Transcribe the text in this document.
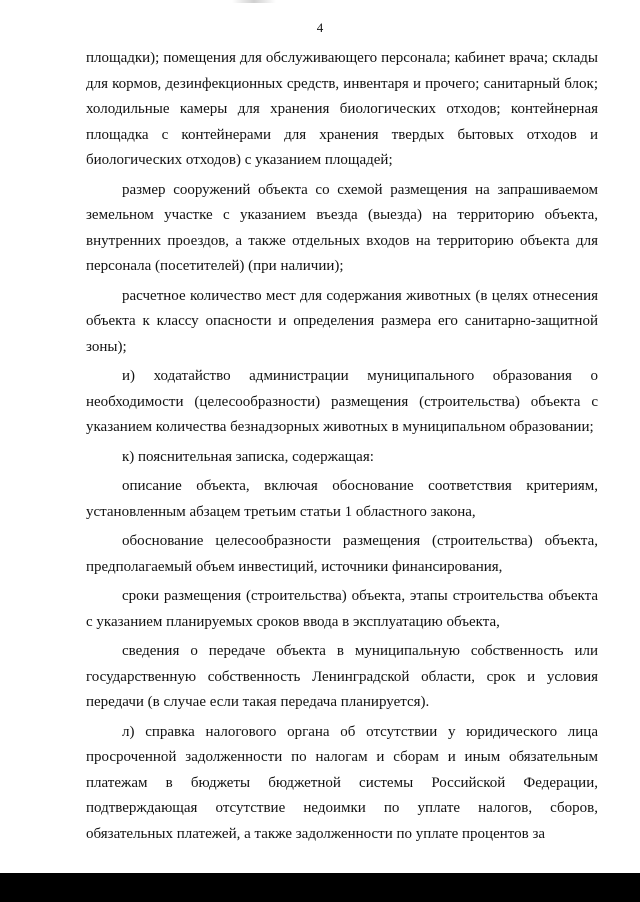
4

площадки); помещения для обслуживающего персонала; кабинет врача; склады для кормов, дезинфекционных средств, инвентаря и прочего; санитарный блок; холодильные камеры для хранения биологических отходов; контейнерная площадка с контейнерами для хранения твердых бытовых отходов и биологических отходов) с указанием площадей;

размер сооружений объекта со схемой размещения на запрашиваемом земельном участке с указанием въезда (выезда) на территорию объекта, внутренних проездов, а также отдельных входов на территорию объекта для персонала (посетителей) (при наличии);

расчетное количество мест для содержания животных (в целях отнесения объекта к классу опасности и определения размера его санитарно-защитной зоны);

и) ходатайство администрации муниципального образования о необходимости (целесообразности) размещения (строительства) объекта с указанием количества безнадзорных животных в муниципальном образовании;

к) пояснительная записка, содержащая:

описание объекта, включая обоснование соответствия критериям, установленным абзацем третьим статьи 1 областного закона,

обоснование целесообразности размещения (строительства) объекта, предполагаемый объем инвестиций, источники финансирования,

сроки размещения (строительства) объекта, этапы строительства объекта с указанием планируемых сроков ввода в эксплуатацию объекта,

сведения о передаче объекта в муниципальную собственность или государственную собственность Ленинградской области, срок и условия передачи (в случае если такая передача планируется).

л) справка налогового органа об отсутствии у юридического лица просроченной задолженности по налогам и сборам и иным обязательным платежам в бюджеты бюджетной системы Российской Федерации, подтверждающая отсутствие недоимки по уплате налогов, сборов, обязательных платежей, а также задолженности по уплате процентов за
